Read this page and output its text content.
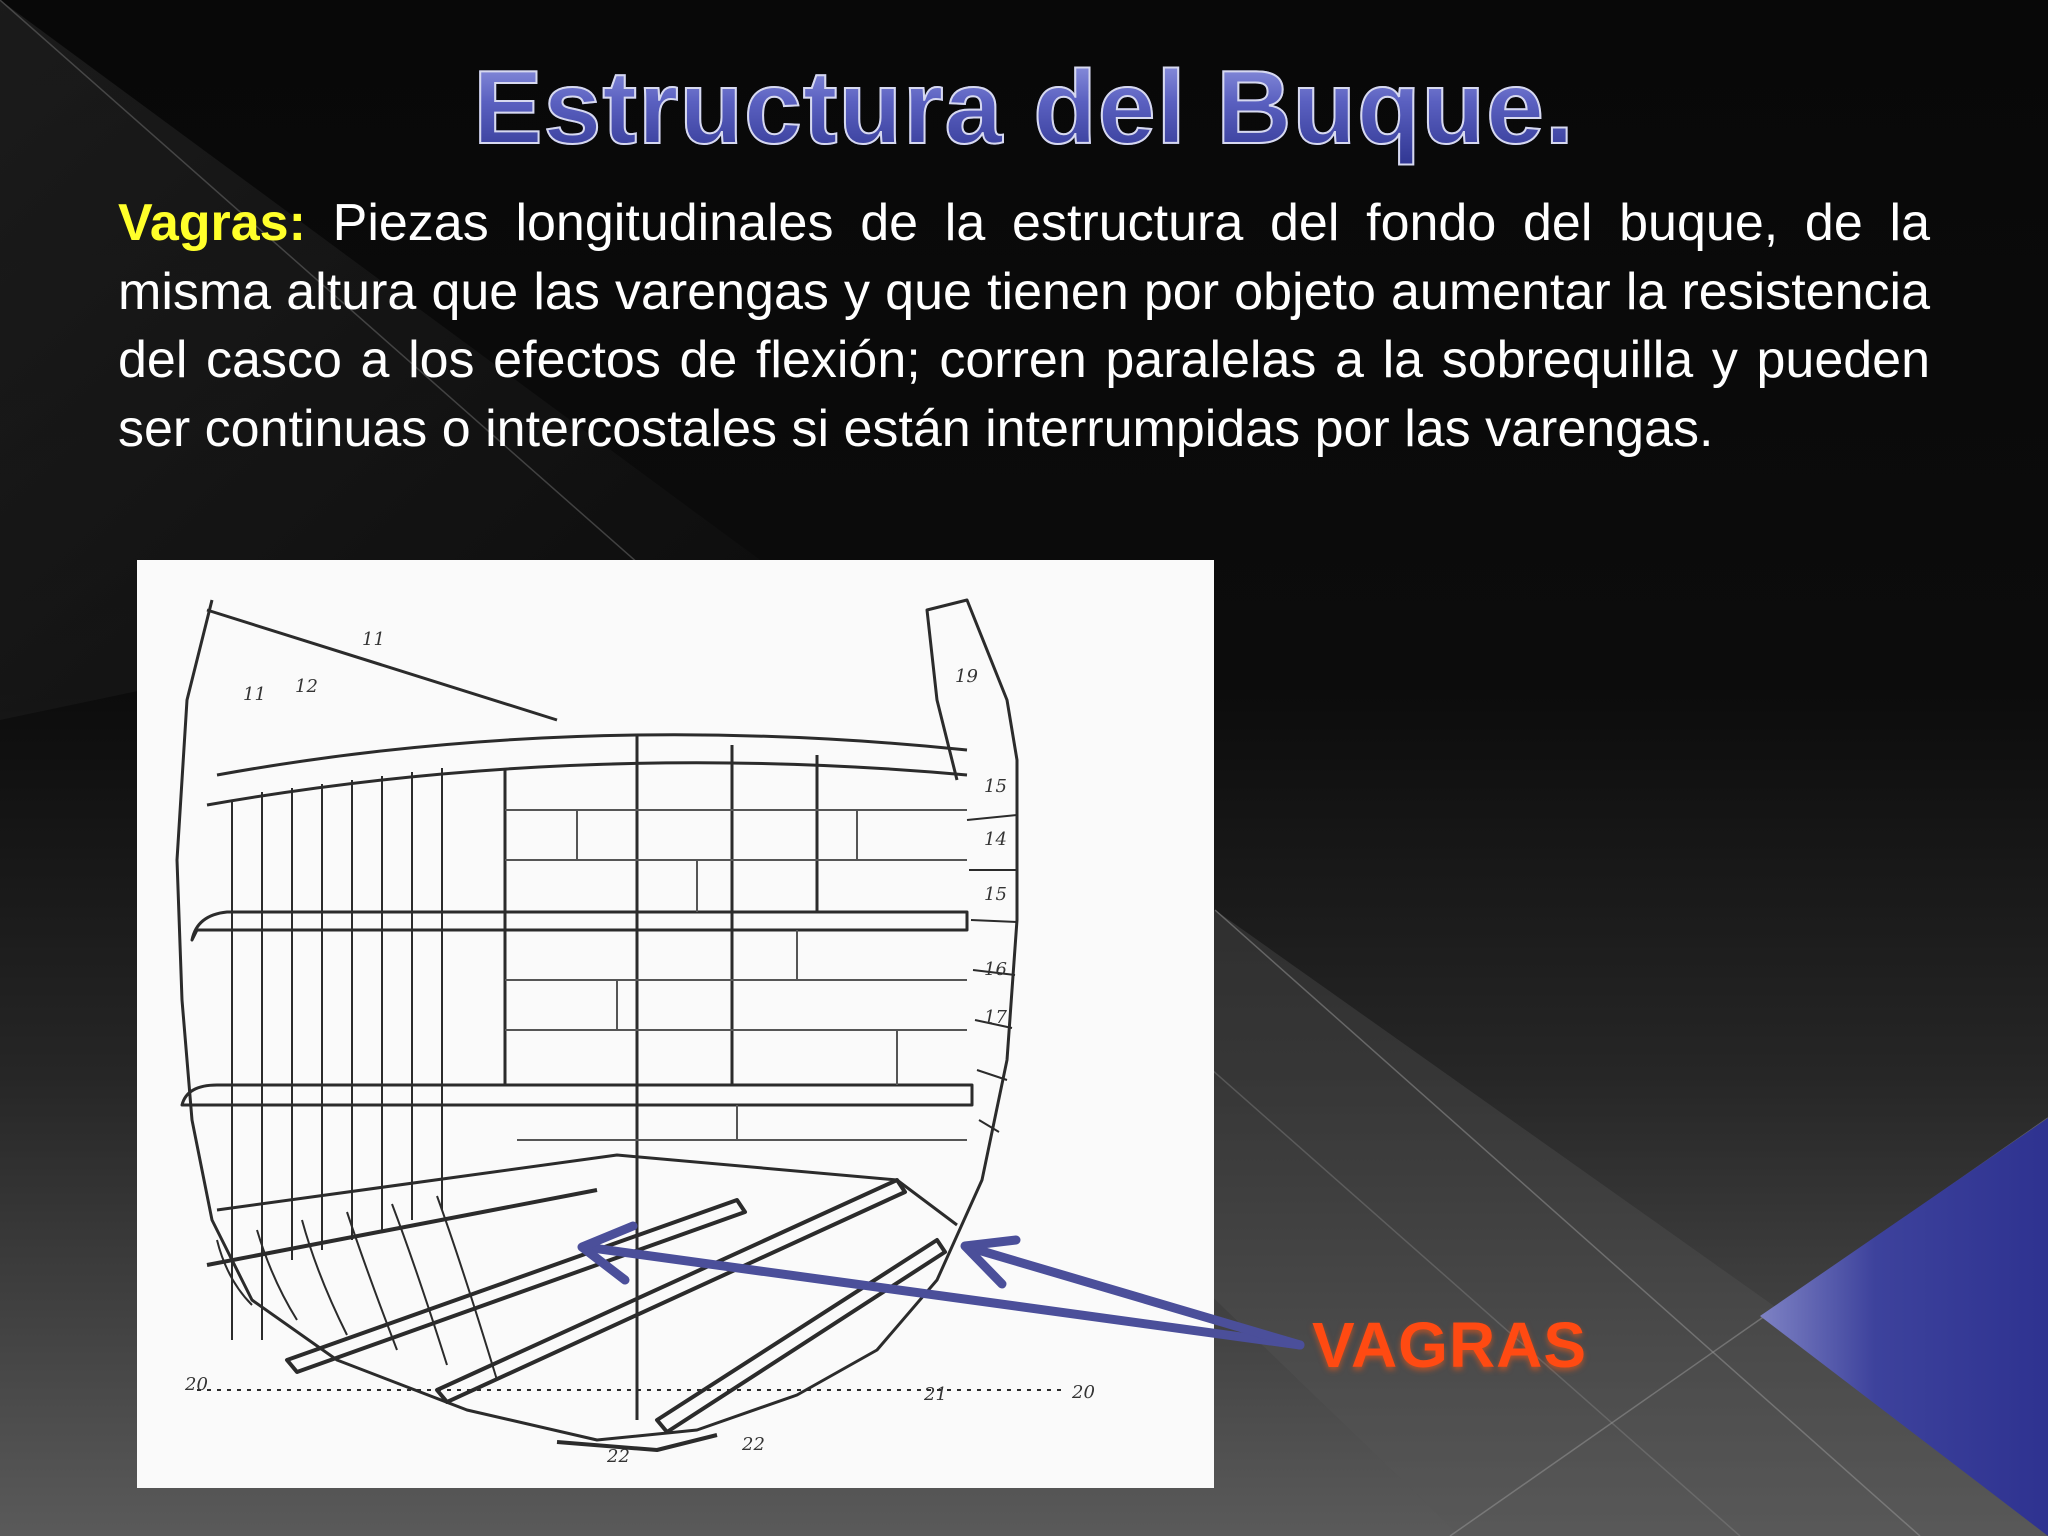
Estructura del Buque.

Vagras: Piezas longitudinales de la estructura del fondo del buque, de la misma altura que las varengas y que tienen por objeto aumentar la resistencia del casco a los efectos de flexión; corren paralelas a la sobrequilla y pueden ser continuas o intercostales si están interrumpidas por las varengas.

11
12
11
19
15
14
15
16
17
20	21	20
22
22
VAGRAS
